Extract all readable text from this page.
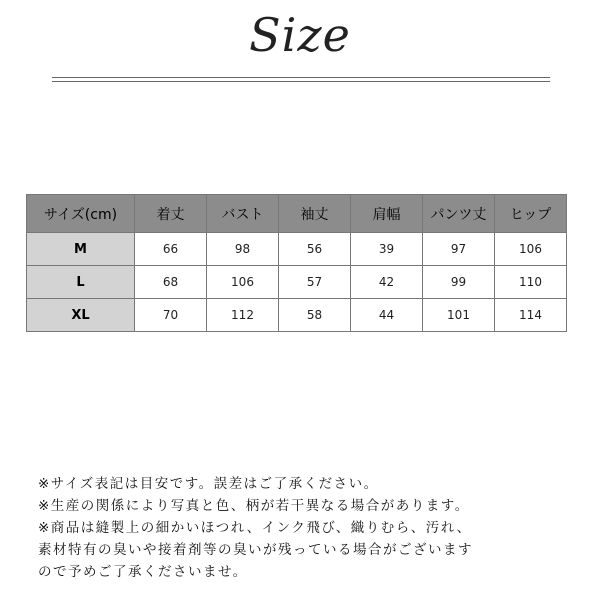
Size
サイズ(cm)	着丈	バスト	袖丈	肩幅	パンツ丈	ヒップ
M	66	98	56	39	97	106
L	68	106	57	42	99	110
XL	70	112	58	44	101	114
※サイズ表記は目安です。誤差はご了承ください。
※生産の関係により写真と色、柄が若干異なる場合があります。
※商品は縫製上の細かいほつれ、インク飛び、織りむら、汚れ、
素材特有の臭いや接着剤等の臭いが残っている場合がございます
ので予めご了承くださいませ。
